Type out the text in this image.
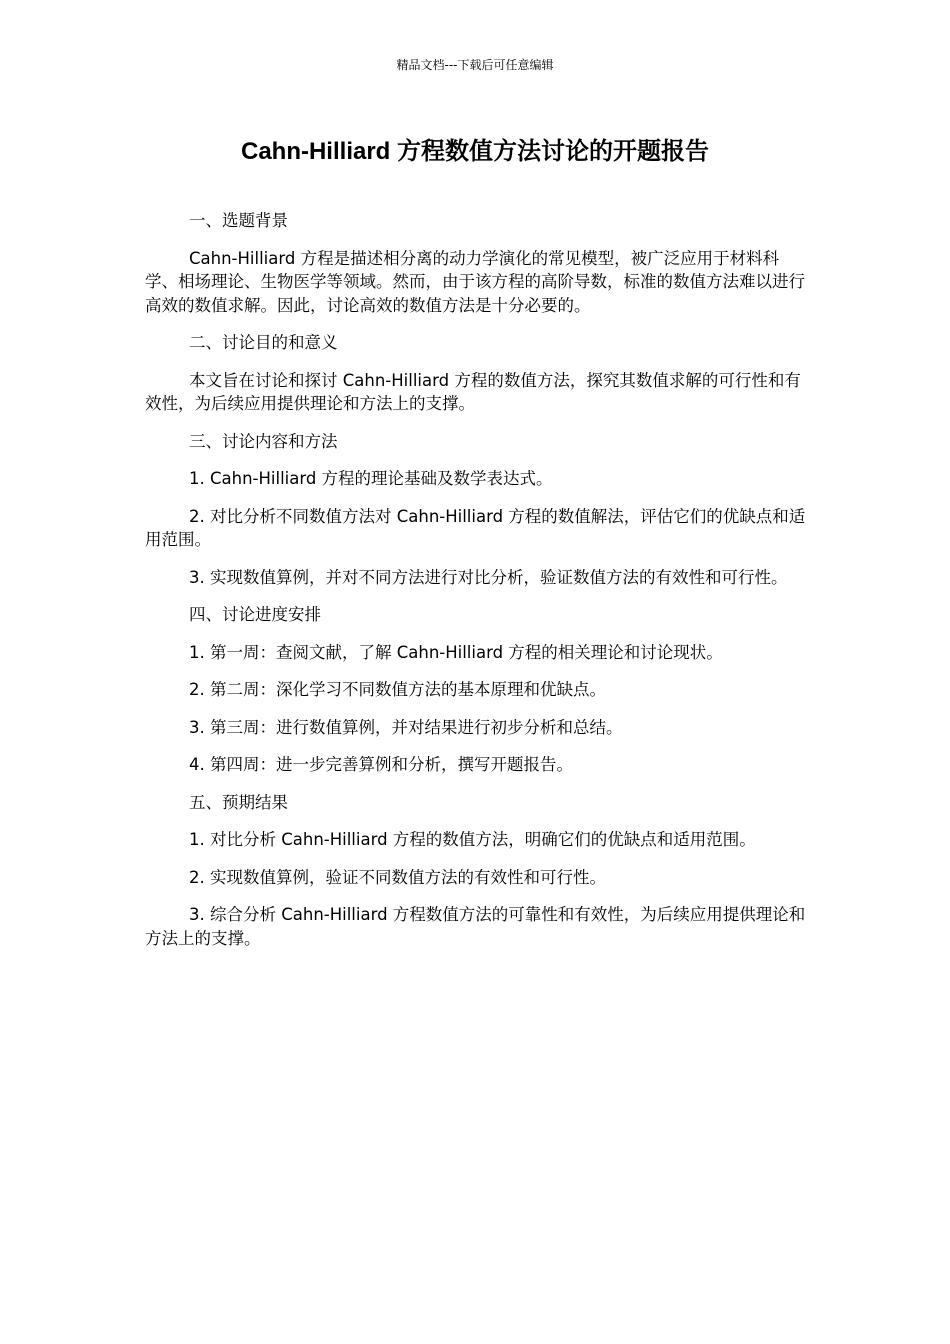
精品文档---下载后可任意编辑
Cahn-Hilliard 方程数值方法讨论的开题报告

一、选题背景

Cahn-Hilliard 方程是描述相分离的动力学演化的常见模型，被广泛应用于材料科学、相场理论、生物医学等领域。然而，由于该方程的高阶导数，标准的数值方法难以进行高效的数值求解。因此，讨论高效的数值方法是十分必要的。

二、讨论目的和意义

本文旨在讨论和探讨 Cahn-Hilliard 方程的数值方法，探究其数值求解的可行性和有效性，为后续应用提供理论和方法上的支撑。

三、讨论内容和方法

1. Cahn-Hilliard 方程的理论基础及数学表达式。

2. 对比分析不同数值方法对 Cahn-Hilliard 方程的数值解法，评估它们的优缺点和适用范围。

3. 实现数值算例，并对不同方法进行对比分析，验证数值方法的有效性和可行性。

四、讨论进度安排

1. 第一周：查阅文献，了解 Cahn-Hilliard 方程的相关理论和讨论现状。

2. 第二周：深化学习不同数值方法的基本原理和优缺点。

3. 第三周：进行数值算例，并对结果进行初步分析和总结。

4. 第四周：进一步完善算例和分析，撰写开题报告。

五、预期结果

1. 对比分析 Cahn-Hilliard 方程的数值方法，明确它们的优缺点和适用范围。

2. 实现数值算例，验证不同数值方法的有效性和可行性。

3. 综合分析 Cahn-Hilliard 方程数值方法的可靠性和有效性，为后续应用提供理论和方法上的支撑。
